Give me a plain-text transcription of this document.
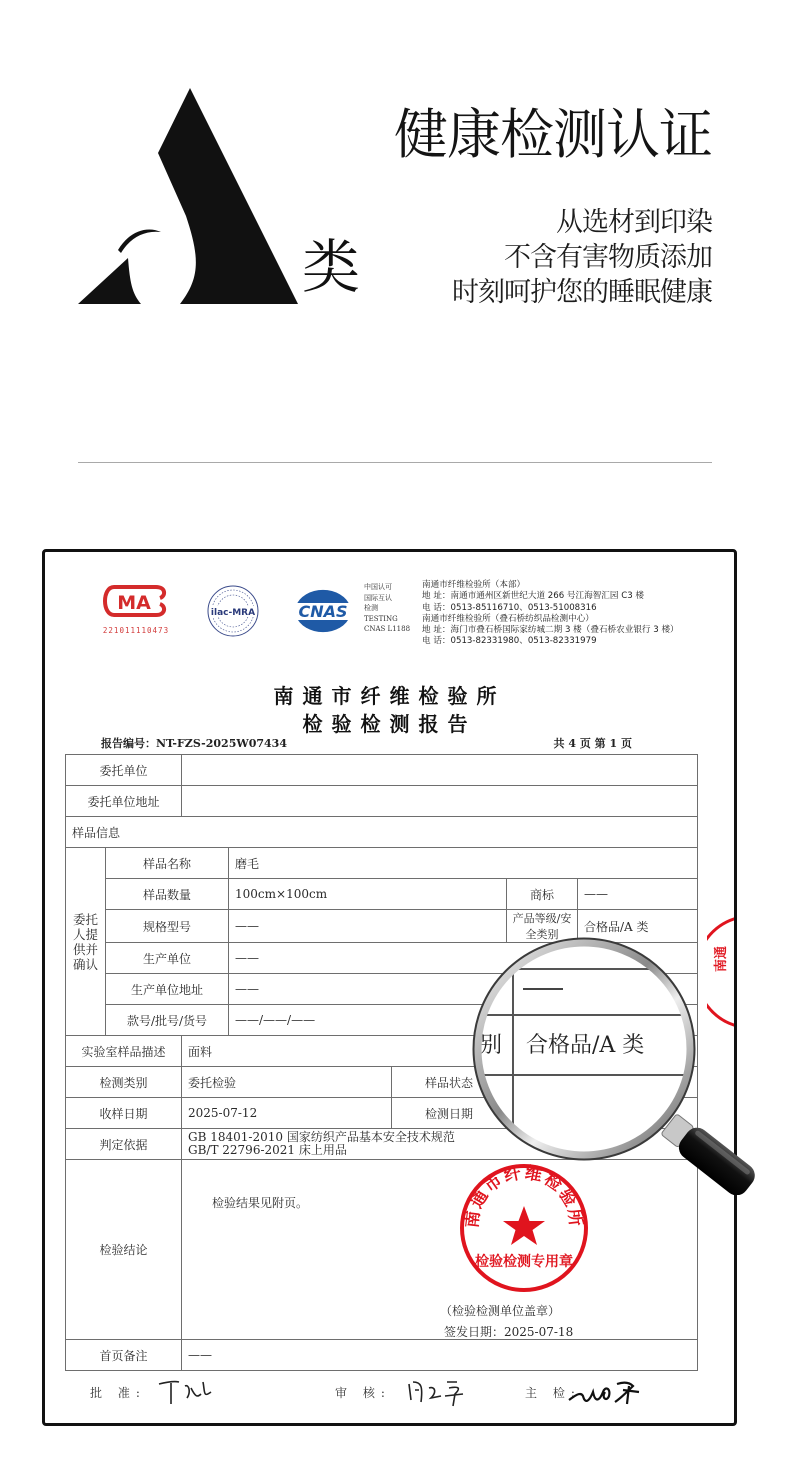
类
健康检测认证
从选材到印染
不含有害物质添加
时刻呵护您的睡眠健康
MA
221011110473
ilac-MRA	CNAS
中国认可
国际互认
检测
TESTING
CNAS L1188
南通市纤维检验所（本部）
地 址：南通市通州区新世纪大道 266 号江海智汇园 C3 楼
电 话：0513-85116710、0513-51008316
南通市纤维检验所（叠石桥纺织品检测中心）
地 址：海门市叠石桥国际家纺城二期 3 楼（叠石桥农业银行 3 楼）
电 话：0513-82331980、0513-82331979
南通市纤维检验所
检验检测报告
报告编号：NT-FZS-2025W07434	共 4 页 第 1 页
委托单位						
委托单位地址						
样品信息						
委托人提供并确认	样品名称		磨毛			
	样品数量		100cm×100cm		商标	——
	规格型号		——		产品等级/安全类别	合格品/A 类
	生产单位		——			
	生产单位地址		——			
	款号/批号/货号		——/——/——			
实验室样品描述		面料				
检测类别		委托检验		样品状态	
收样日期		2025-07-12		检测日期	
判定依据		GB 18401-2010 国家纺织产品基本安全技术规范
GB/T 22796-2021 床上用品				

检验结论		检验结果见附页。
（检验检测单位盖章）
签发日期：2025-07-18				

首页备注		——				
南通市纤维检验所
检验检测专用章
南通
批 准:	审 核:	主 检:
别 合格品/A 类
